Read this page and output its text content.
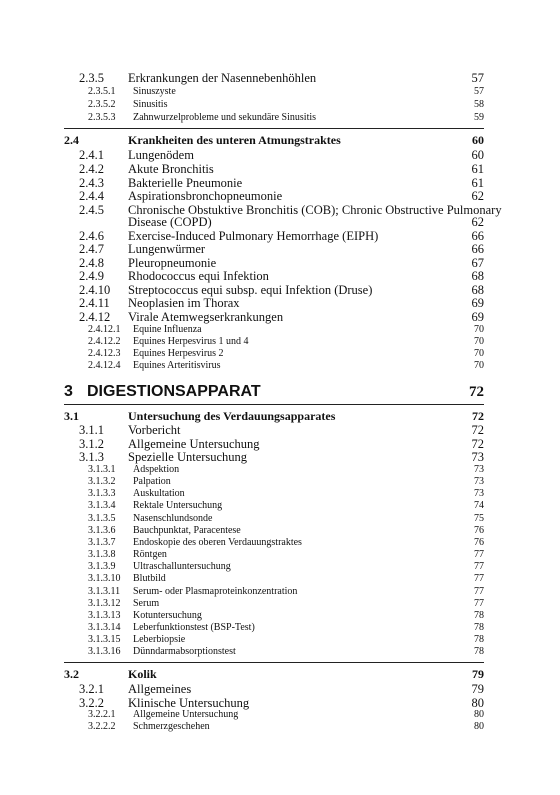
2.3.5 Erkrankungen der Nasennebenhöhlen	57
2.3.5.1 Sinuszyste	57
2.3.5.2 Sinusitis	58
2.3.5.3 Zahnwurzelprobleme und sekundäre Sinusitis	59
2.4	Krankheiten des unteren Atmungstraktes	60
2.4.1 Lungenödem	60
2.4.2 Akute Bronchitis	61
2.4.3 Bakterielle Pneumonie	61
2.4.4 Aspirationsbronchopneumonie	62
2.4.5 Chronische Obstuktive Bronchitis (COB); Chronic Obstructive Pulmonary
Disease (COPD)	62
2.4.6 Exercise-Induced Pulmonary Hemorrhage (EIPH)	66
2.4.7 Lungenwürmer	66
2.4.8 Pleuropneumonie	67
2.4.9 Rhodococcus equi Infektion	68
2.4.10 Streptococcus equi subsp. equi Infektion (Druse)	68
2.4.11 Neoplasien im Thorax	69
2.4.12 Virale Atemwegserkrankungen	69
2.4.12.1 Equine Influenza	70
2.4.12.2 Equines Herpesvirus 1 und 4	70
2.4.12.3 Equines Herpesvirus 2	70
2.4.12.4 Equines Arteritisvirus	70
3 DIGESTIONSAPPARAT	72
3.1	Untersuchung des Verdauungsapparates	72
3.1.1 Vorbericht	72
3.1.2 Allgemeine Untersuchung	72
3.1.3 Spezielle Untersuchung	73
3.1.3.1 Adspektion	73
3.1.3.2 Palpation	73
3.1.3.3 Auskultation	73
3.1.3.4 Rektale Untersuchung	74
3.1.3.5 Nasenschlundsonde	75
3.1.3.6 Bauchpunktat, Paracentese	76
3.1.3.7 Endoskopie des oberen Verdauungstraktes	76
3.1.3.8 Röntgen	77
3.1.3.9 Ultraschalluntersuchung	77
3.1.3.10 Blutbild	77
3.1.3.11 Serum- oder Plasmaproteinkonzentration	77
3.1.3.12 Serum	77
3.1.3.13 Kotuntersuchung	78
3.1.3.14 Leberfunktionstest (BSP-Test)	78
3.1.3.15 Leberbiopsie	78
3.1.3.16 Dünndarmabsorptionstest	78
3.2	Kolik	79
3.2.1 Allgemeines	79
3.2.2 Klinische Untersuchung	80
3.2.2.1 Allgemeine Untersuchung	80
3.2.2.2 Schmerzgeschehen	80
